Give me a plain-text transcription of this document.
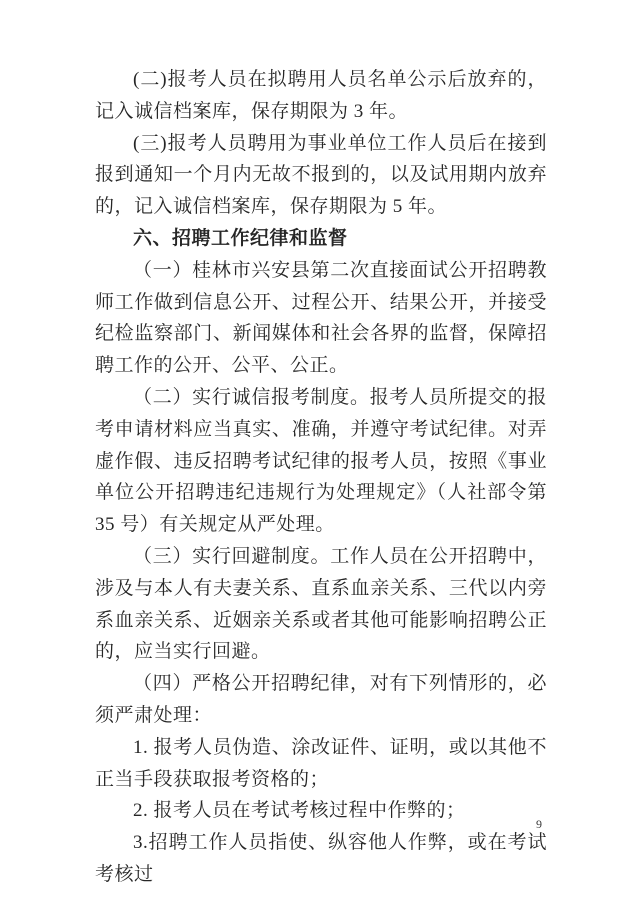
(二)报考人员在拟聘用人员名单公示后放弃的，记入诚信档案库，保存期限为 3 年。

(三)报考人员聘用为事业单位工作人员后在接到报到通知一个月内无故不报到的，以及试用期内放弃的，记入诚信档案库，保存期限为 5 年。

六、招聘工作纪律和监督

（一）桂林市兴安县第二次直接面试公开招聘教师工作做到信息公开、过程公开、结果公开，并接受纪检监察部门、新闻媒体和社会各界的监督，保障招聘工作的公开、公平、公正。

（二）实行诚信报考制度。报考人员所提交的报考申请材料应当真实、准确，并遵守考试纪律。对弄虚作假、违反招聘考试纪律的报考人员，按照《事业单位公开招聘违纪违规行为处理规定》（人社部令第 35 号）有关规定从严处理。

（三）实行回避制度。工作人员在公开招聘中，涉及与本人有夫妻关系、直系血亲关系、三代以内旁系血亲关系、近姻亲关系或者其他可能影响招聘公正的，应当实行回避。

（四）严格公开招聘纪律，对有下列情形的，必须严肃处理：

1. 报考人员伪造、涂改证件、证明，或以其他不正当手段获取报考资格的；

2. 报考人员在考试考核过程中作弊的；

3.招聘工作人员指使、纵容他人作弊，或在考试考核过

9
